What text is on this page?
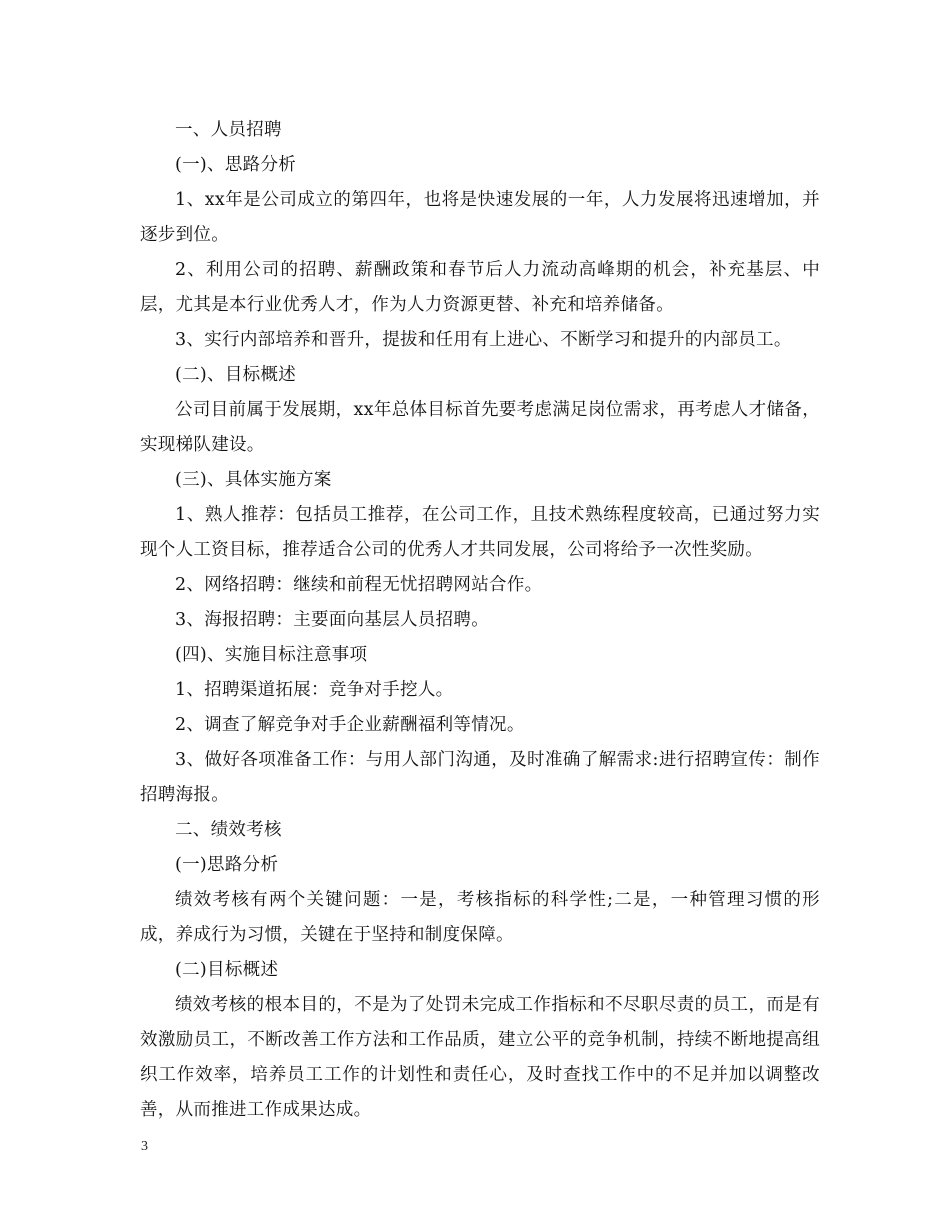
一、人员招聘

(一)、思路分析

1、xx年是公司成立的第四年，也将是快速发展的一年，人力发展将迅速增加，并逐步到位。

2、利用公司的招聘、薪酬政策和春节后人力流动高峰期的机会，补充基层、中层，尤其是本行业优秀人才，作为人力资源更替、补充和培养储备。

3、实行内部培养和晋升，提拔和任用有上进心、不断学习和提升的内部员工。

(二)、目标概述

公司目前属于发展期，xx年总体目标首先要考虑满足岗位需求，再考虑人才储备，实现梯队建设。

(三)、具体实施方案

1、熟人推荐：包括员工推荐，在公司工作，且技术熟练程度较高，已通过努力实现个人工资目标，推荐适合公司的优秀人才共同发展，公司将给予一次性奖励。

2、网络招聘：继续和前程无忧招聘网站合作。

3、海报招聘：主要面向基层人员招聘。

(四)、实施目标注意事项

1、招聘渠道拓展：竞争对手挖人。

2、调查了解竞争对手企业薪酬福利等情况。

3、做好各项准备工作：与用人部门沟通，及时准确了解需求:进行招聘宣传：制作招聘海报。

二、绩效考核

(一)思路分析

绩效考核有两个关键问题：一是，考核指标的科学性;二是，一种管理习惯的形成，养成行为习惯，关键在于坚持和制度保障。

(二)目标概述

绩效考核的根本目的，不是为了处罚未完成工作指标和不尽职尽责的员工，而是有效激励员工，不断改善工作方法和工作品质，建立公平的竞争机制，持续不断地提高组织工作效率，培养员工工作的计划性和责任心，及时查找工作中的不足并加以调整改善，从而推进工作成果达成。

3
